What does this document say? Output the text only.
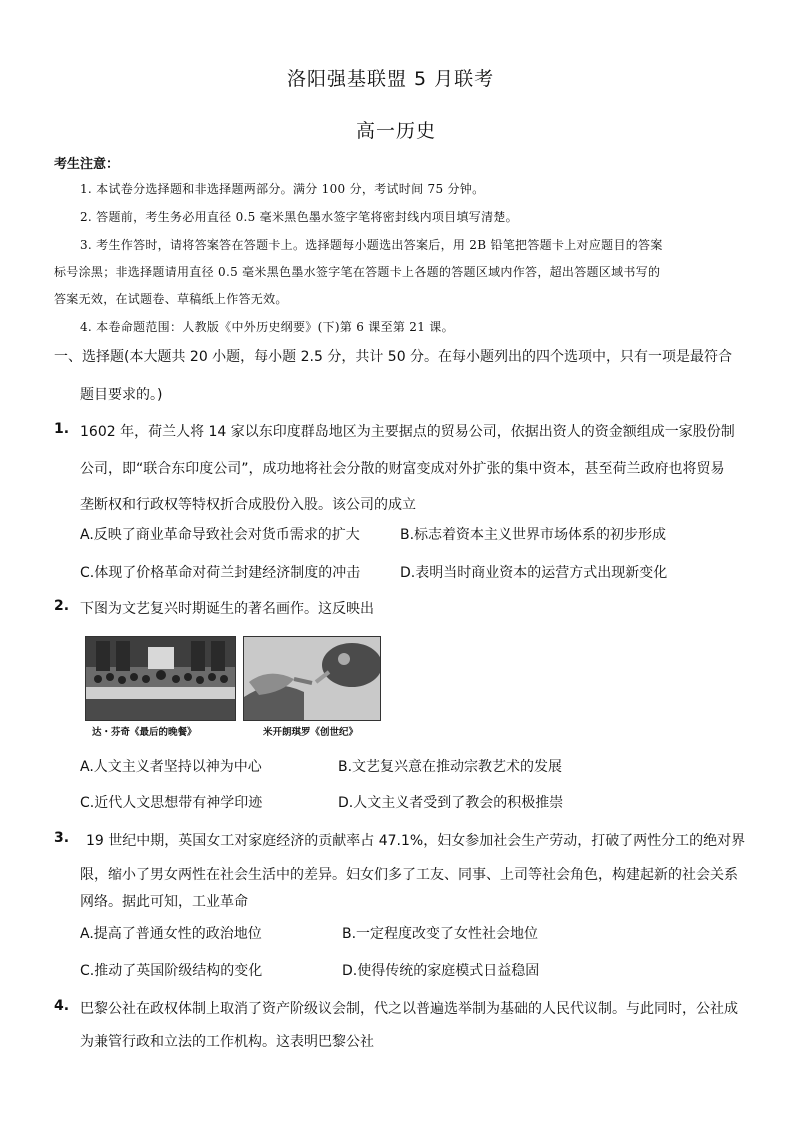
洛阳强基联盟 5 月联考
高一历史
考生注意：
1. 本试卷分选择题和非选择题两部分。满分 100 分，考试时间 75 分钟。
2. 答题前，考生务必用直径 0.5 毫米黑色墨水签字笔将密封线内项目填写清楚。
3. 考生作答时，请将答案答在答题卡上。选择题每小题选出答案后，用 2B 铅笔把答题卡上对应题目的答案
标号涂黑；非选择题请用直径 0.5 毫米黑色墨水签字笔在答题卡上各题的答题区域内作答，超出答题区域书写的
答案无效，在试题卷、草稿纸上作答无效。
4. 本卷命题范围：人教版《中外历史纲要》(下)第 6 课至第 21 课。
一、选择题(本大题共 20 小题，每小题 2.5 分，共计 50 分。在每小题列出的四个选项中，只有一项是最符合
题目要求的。)
1. 1602 年，荷兰人将 14 家以东印度群岛地区为主要据点的贸易公司，依据出资人的资金额组成一家股份制
公司，即“联合东印度公司”，成功地将社会分散的财富变成对外扩张的集中资本，甚至荷兰政府也将贸易
垄断权和行政权等特权折合成股份入股。该公司的成立
A.反映了商业革命导致社会对货币需求的扩大	B.标志着资本主义世界市场体系的初步形成
C.体现了价格革命对荷兰封建经济制度的冲击	D.表明当时商业资本的运营方式出现新变化
2. 下图为文艺复兴时期诞生的著名画作。这反映出
达・芬奇《最后的晚餐》	米开朗琪罗《创世纪》
A.人文主义者坚持以神为中心	B.文艺复兴意在推动宗教艺术的发展
C.近代人文思想带有神学印迹	D.人文主义者受到了教会的积极推崇
3. 19 世纪中期，英国女工对家庭经济的贡献率占 47.1%，妇女参加社会生产劳动，打破了两性分工的绝对界
限，缩小了男女两性在社会生活中的差异。妇女们多了工友、同事、上司等社会角色，构建起新的社会关系
网络。据此可知，工业革命
A.提高了普通女性的政治地位	B.一定程度改变了女性社会地位
C.推动了英国阶级结构的变化	D.使得传统的家庭模式日益稳固
4. 巴黎公社在政权体制上取消了资产阶级议会制，代之以普遍选举制为基础的人民代议制。与此同时，公社成
为兼管行政和立法的工作机构。这表明巴黎公社
